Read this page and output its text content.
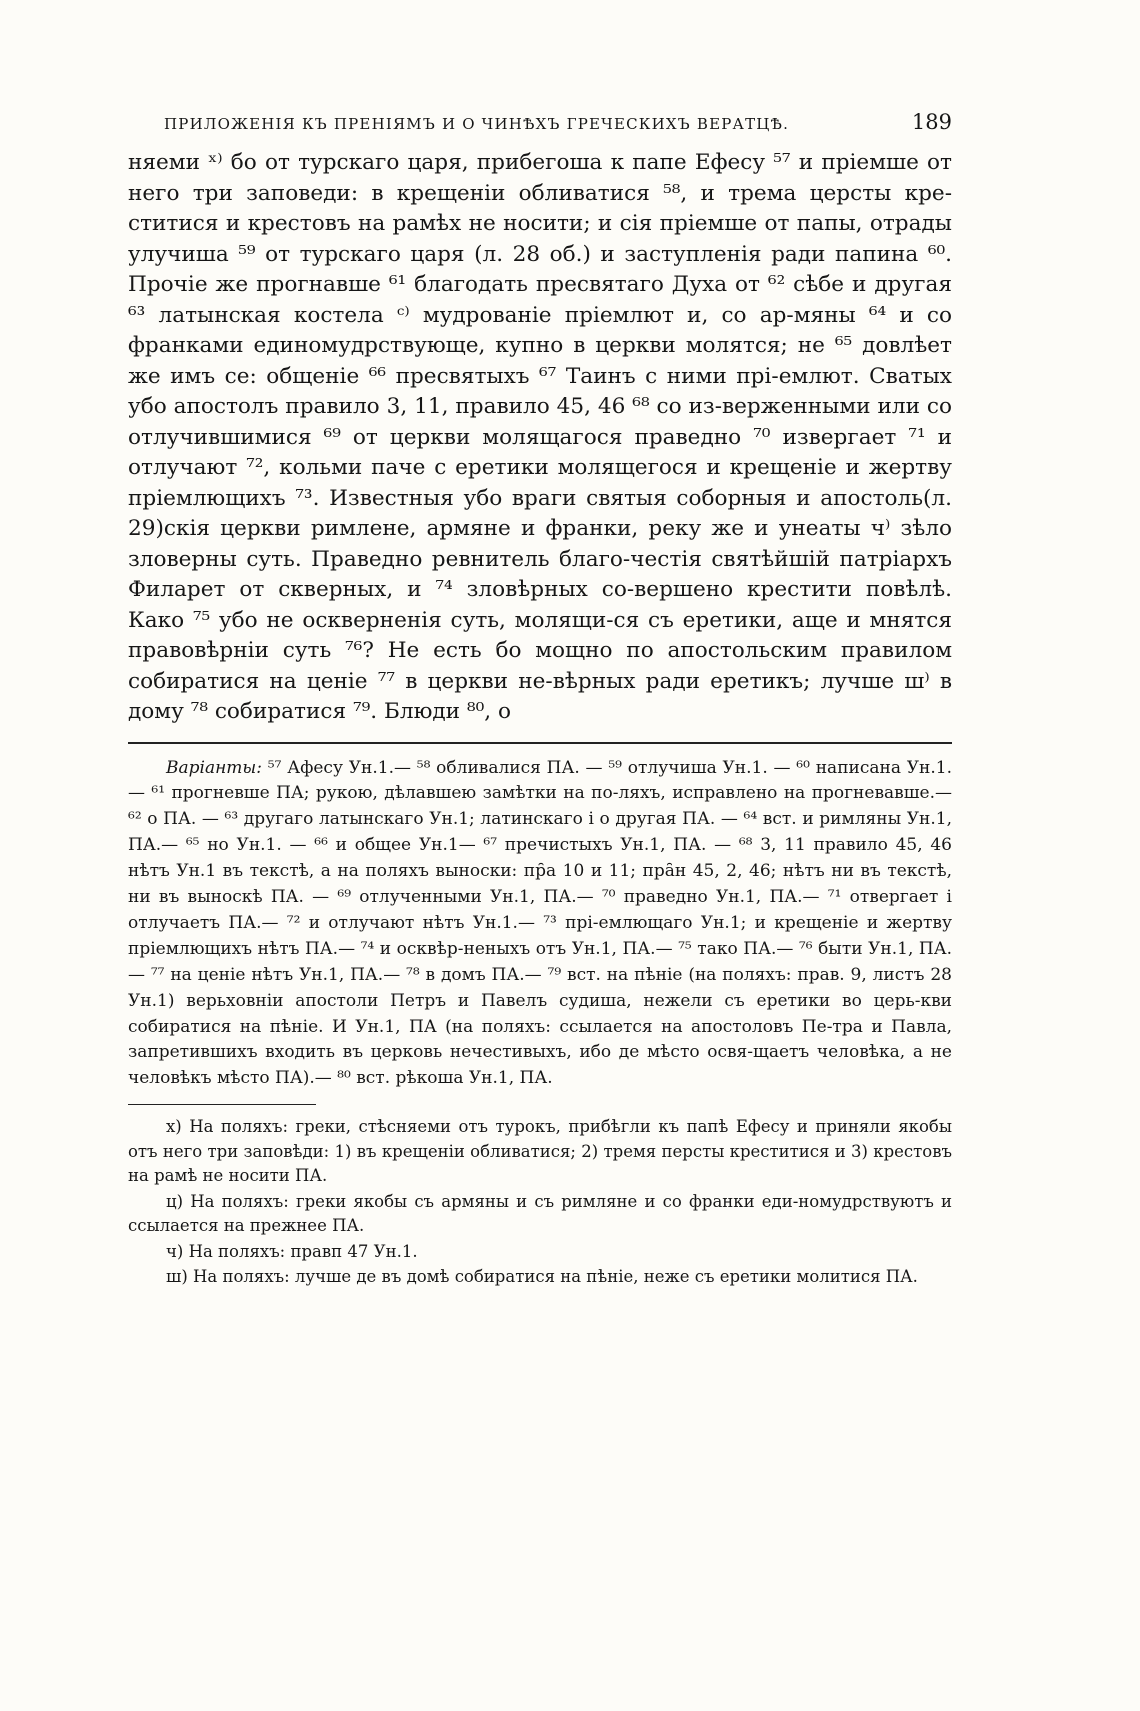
ПРИЛОЖЕНІЯ КЪ ПРЕНІЯМЪ И О ЧИНѢХЪ ГРЕЧЕСКИХЪ ВЕРАТЦѢ.	189

няеми ˣ⁾ бо от турскаго царя, прибегоша к папе Ефесу ⁵⁷ и пріемше от него три заповеди: в крещеніи обливатися ⁵⁸, и трема церсты кре-ститися и крестовъ на рамѣх не носити; и сія пріемше от папы, отрады улучиша ⁵⁹ от турскаго царя (л. 28 об.) и заступленія ради папина ⁶⁰. Прочіе же прогнавше ⁶¹ благодать пресвятаго Духа от ⁶² сѣбе и другая ⁶³ латынская костела ᶜ⁾ мудрованіе пріемлют и, со ар-мяны ⁶⁴ и со франками единомудрствующе, купно в церкви молятся; не ⁶⁵ довлѣет же имъ се: общеніе ⁶⁶ пресвятыхъ ⁶⁷ Таинъ с ними прі-емлют. Сватых убо апостолъ правило 3, 11, правило 45, 46 ⁶⁸ со из-верженными или со отлучившимися ⁶⁹ от церкви молящагося праведно ⁷⁰ извергает ⁷¹ и отлучают ⁷², кольми паче с еретики молящегося и крещеніе и жертву пріемлющихъ ⁷³. Известныя убо враги святыя соборныя и апостоль(л. 29)скія церкви римлене, армяне и франки, реку же и унеаты ч⁾ зѣло зловерны суть. Праведно ревнитель благо-честія святѣйшій патріархъ Филарет от скверных, и ⁷⁴ зловѣрных со-вершено крестити повѣлѣ. Како ⁷⁵ убо не оскверненія суть, молящи-ся съ еретики, аще и мнятся правовѣрніи суть ⁷⁶? Не есть бо мощно по апостольским правилом собиратися на ценіе ⁷⁷ в церкви не-вѣрных ради еретикъ; лучше ш⁾ в дому ⁷⁸ собиратися ⁷⁹. Блюди ⁸⁰, о

Варіанты: ⁵⁷ Афесу Ун.1.— ⁵⁸ обливалися ПА. — ⁵⁹ отлучиша Ун.1. — ⁶⁰ написана Ун.1. — ⁶¹ прогневше ПА; рукою, дѣлавшею замѣтки на по-ляхъ, исправлено на прогневавше.— ⁶² о ПА. — ⁶³ другаго латынскаго Ун.1; латинскаго і о другая ПА. — ⁶⁴ вст. и римляны Ун.1, ПА.— ⁶⁵ но Ун.1. — ⁶⁶ и общее Ун.1— ⁶⁷ пречистыхъ Ун.1, ПА. — ⁶⁸ 3, 11 правило 45, 46 нѣтъ Ун.1 въ текстѣ, а на поляхъ выноски: пр̑а 10 и 11; пра̑н 45, 2, 46; нѣтъ ни въ текстѣ, ни въ выноскѣ ПА. — ⁶⁹ отлученными Ун.1, ПА.— ⁷⁰ праведно Ун.1, ПА.— ⁷¹ отвергает і отлучаетъ ПА.— ⁷² и отлучают нѣтъ Ун.1.— ⁷³ прі-емлющаго Ун.1; и крещеніе и жертву пріемлющихъ нѣтъ ПА.— ⁷⁴ и осквѣр-неныхъ отъ Ун.1, ПА.— ⁷⁵ тако ПА.— ⁷⁶ быти Ун.1, ПА. — ⁷⁷ на ценіе нѣтъ Ун.1, ПА.— ⁷⁸ в домъ ПА.— ⁷⁹ вст. на пѣніе (на поляхъ: прав. 9, листъ 28 Ун.1) верьховніи апостоли Петръ и Павелъ судиша, нежели съ еретики во церь-кви собиратися на пѣніе. И Ун.1, ПА (на поляхъ: ссылается на апостоловъ Пе-тра и Павла, запретившихъ входить въ церковь нечестивыхъ, ибо де мѣсто освя-щаетъ человѣка, а не человѣкъ мѣсто ПА).— ⁸⁰ вст. рѣкоша Ун.1, ПА.

х) На поляхъ: греки, стѣсняеми отъ турокъ, прибѣгли къ папѣ Ефесу и приняли якобы отъ него три заповѣди: 1) въ крещеніи обливатися; 2) тремя персты креститися и 3) крестовъ на рамѣ не носити ПА.

ц) На поляхъ: греки якобы съ армяны и съ римляне и со франки еди-номудрствуютъ и ссылается на прежнее ПА.

ч) На поляхъ: правп 47 Ун.1.

ш) На поляхъ: лучше де въ домѣ собиратися на пѣніе, неже съ еретики молитися ПА.
